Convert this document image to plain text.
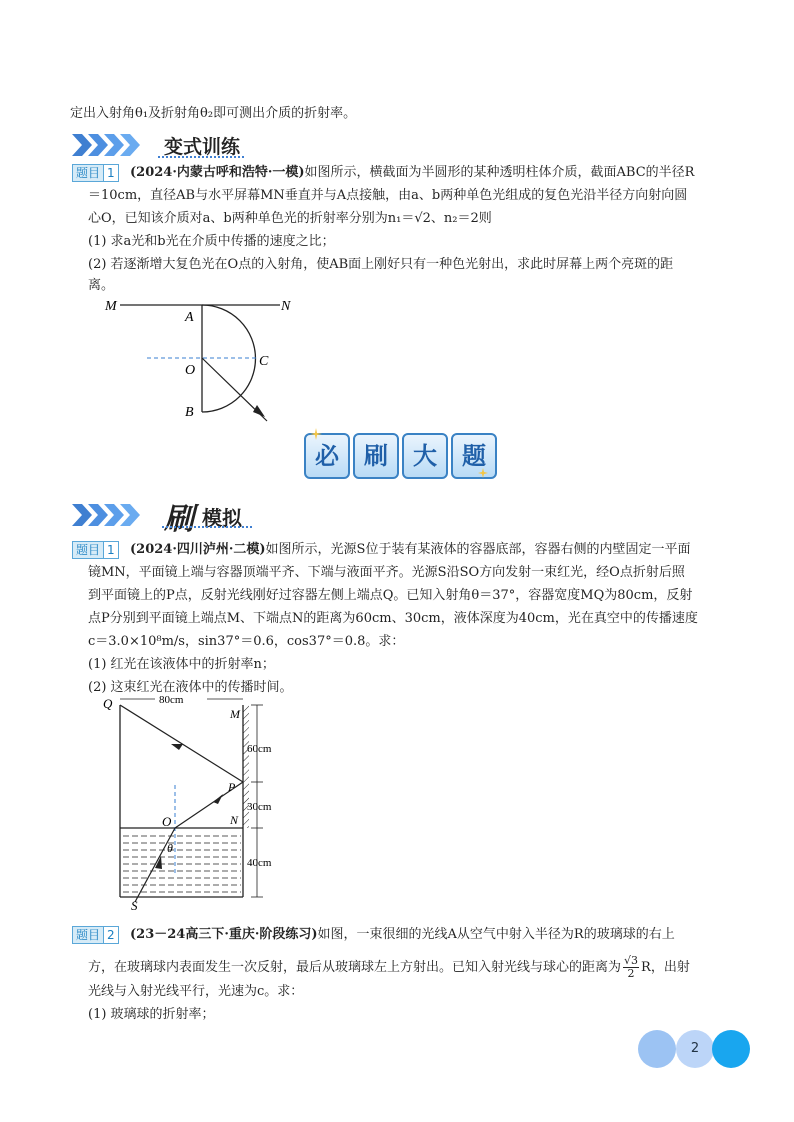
定出入射角θ₁及折射角θ₂即可测出介质的折射率。
变式训练
题目 1	(2024·内蒙古呼和浩特·一模)如图所示，横截面为半圆形的某种透明柱体介质，截面ABC的半径R
＝10cm，直径AB与水平屏幕MN垂直并与A点接触，由a、b两种单色光组成的复色光沿半径方向射向圆
心O，已知该介质对a、b两种单色光的折射率分别为n₁＝√2、n₂＝2则
(1) 求a光和b光在介质中传播的速度之比；
(2) 若逐渐增大复色光在O点的入射角，使AB面上刚好只有一种色光射出，求此时屏幕上两个亮斑的距
离。
M	N
A
C
O
B
必	刷	大	题
刷 模拟
题目 1	(2024·四川泸州·二模)如图所示，光源S位于装有某液体的容器底部，容器右侧的内壁固定一平面
镜MN，平面镜上端与容器顶端平齐、下端与液面平齐。光源S沿SO方向发射一束红光，经O点折射后照
到平面镜上的P点，反射光线刚好过容器左侧上端点Q。已知入射角θ＝37°，容器宽度MQ为80cm，反射
点P分别到平面镜上端点M、下端点N的距离为60cm、30cm，液体深度为40cm，光在真空中的传播速度
c＝3.0×10⁸m/s，sin37°＝0.6，cos37°＝0.8。求：
(1) 红光在该液体中的折射率n；
(2) 这束红光在液体中的传播时间。
80cm
60cm
30cm
40cm
Q
M
P
N
O
θ
S
题目 2	(23－24高三下·重庆·阶段练习)如图，一束很细的光线A从空气中射入半径为R的玻璃球的右上
方，在玻璃球内表面发生一次反射，最后从玻璃球左上方射出。已知入射光线与球心的距离为 $\frac{√3}{2}$ R，出射
光线与入射光线平行，光速为c。求：
(1) 玻璃球的折射率；
2
